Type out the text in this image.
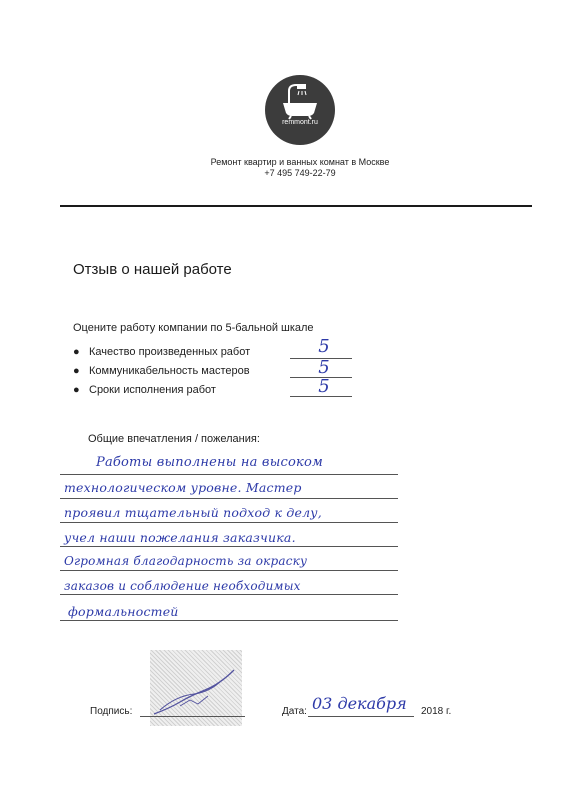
remmont.ru
Ремонт квартир и ванных комнат в Москве
+7 495 749-22-79
Отзыв о нашей работе
Оцените работу компании по 5-бальной шкале
● Качество произведенных работ	5
● Коммуникабельность мастеров	5
● Сроки исполнения работ	5
Общие впечатления / пожелания:
Работы выполнены на высоком
технологическом уровне. Мастер
проявил тщательный подход к делу,
учел наши пожелания заказчика.
Огромная благодарность за окраску
заказов и соблюдение необходимых
формальностей
Подпись:	Дата: 03 декабря 2018 г.
